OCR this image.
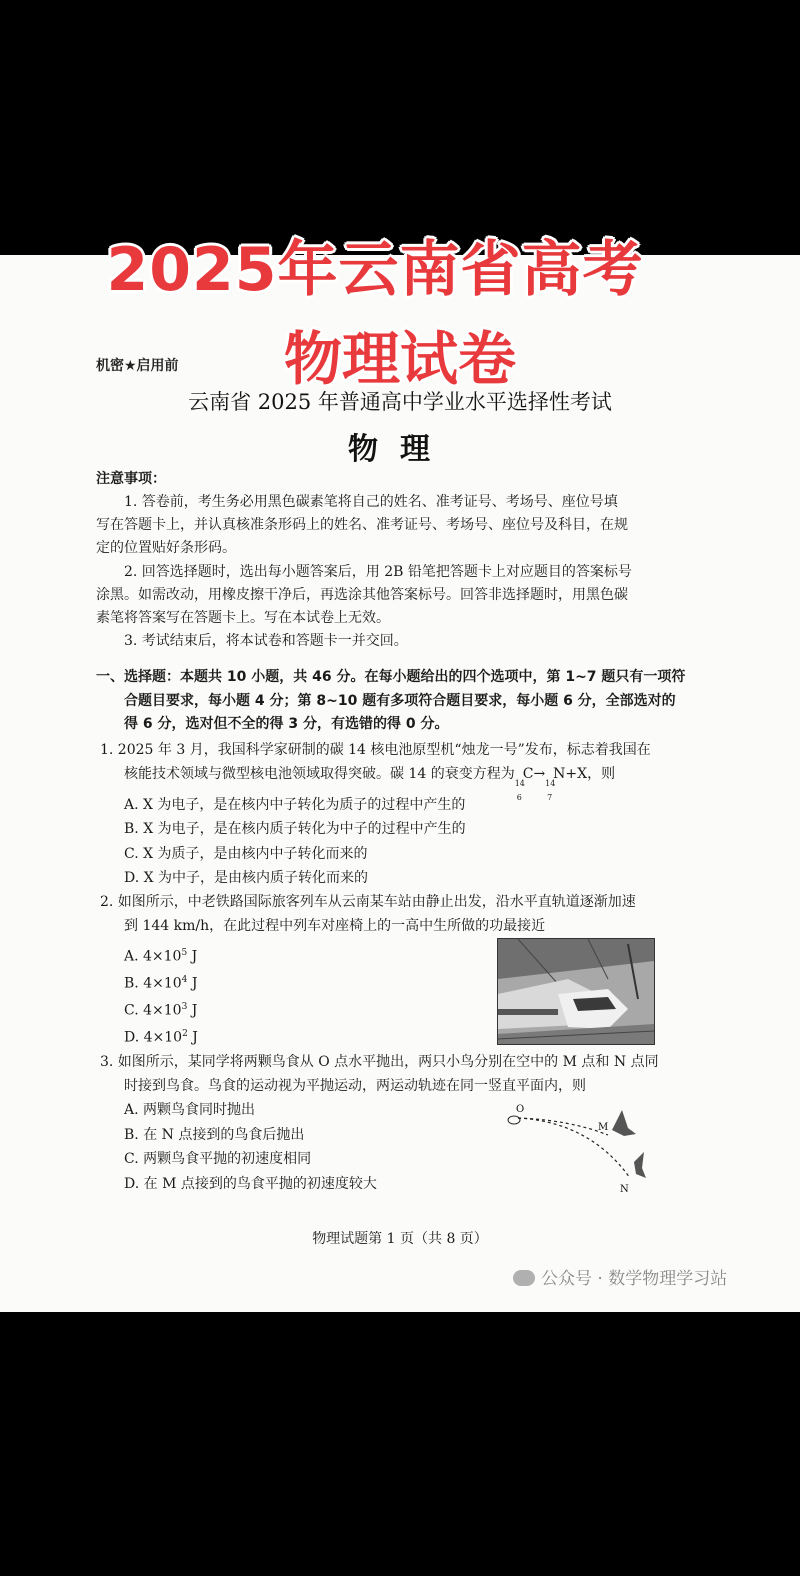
2025年云南省高考
物理试卷
机密★启用前
云南省 2025 年普通高中学业水平选择性考试
物理
注意事项：
1. 答卷前，考生务必用黑色碳素笔将自己的姓名、准考证号、考场号、座位号填
写在答题卡上，并认真核准条形码上的姓名、准考证号、考场号、座位号及科目，在规
定的位置贴好条形码。
2. 回答选择题时，选出每小题答案后，用 2B 铅笔把答题卡上对应题目的答案标号
涂黑。如需改动，用橡皮擦干净后，再选涂其他答案标号。回答非选择题时，用黑色碳
素笔将答案写在答题卡上。写在本试卷上无效。
3. 考试结束后，将本试卷和答题卡一并交回。
一、选择题：本题共 10 小题，共 46 分。在每小题给出的四个选项中，第 1~7 题只有一项符
合题目要求，每小题 4 分；第 8~10 题有多项符合题目要求，每小题 6 分，全部选对的
得 6 分，选对但不全的得 3 分，有选错的得 0 分。
1. 2025 年 3 月，我国科学家研制的碳 14 核电池原型机“烛龙一号”发布，标志着我国在
核能技术领域与微型核电池领域取得突破。碳 14 的衰变方程为
14
6
C→
14
7
N+X，则
A. X 为电子，是在核内中子转化为质子的过程中产生的
B. X 为电子，是在核内质子转化为中子的过程中产生的
C. X 为质子，是由核内中子转化而来的
D. X 为中子，是由核内质子转化而来的
2. 如图所示，中老铁路国际旅客列车从云南某车站由静止出发，沿水平直轨道逐渐加速
到 144 km/h，在此过程中列车对座椅上的一高中生所做的功最接近
A. $4\times 10^5$ J
B. $4\times 10^4$ J
C. $4\times 10^3$ J
D. $4\times 10^2$ J
3. 如图所示，某同学将两颗鸟食从 O 点水平抛出，两只小鸟分别在空中的 M 点和 N 点同
时接到鸟食。鸟食的运动视为平抛运动，两运动轨迹在同一竖直平面内，则
A. 两颗鸟食同时抛出
B. 在 N 点接到的鸟食后抛出
C. 两颗鸟食平抛的初速度相同
D. 在 M 点接到的鸟食平抛的初速度较大
O
M
N
物理试题第 1 页（共 8 页）
公众号 · 数学物理学习站
